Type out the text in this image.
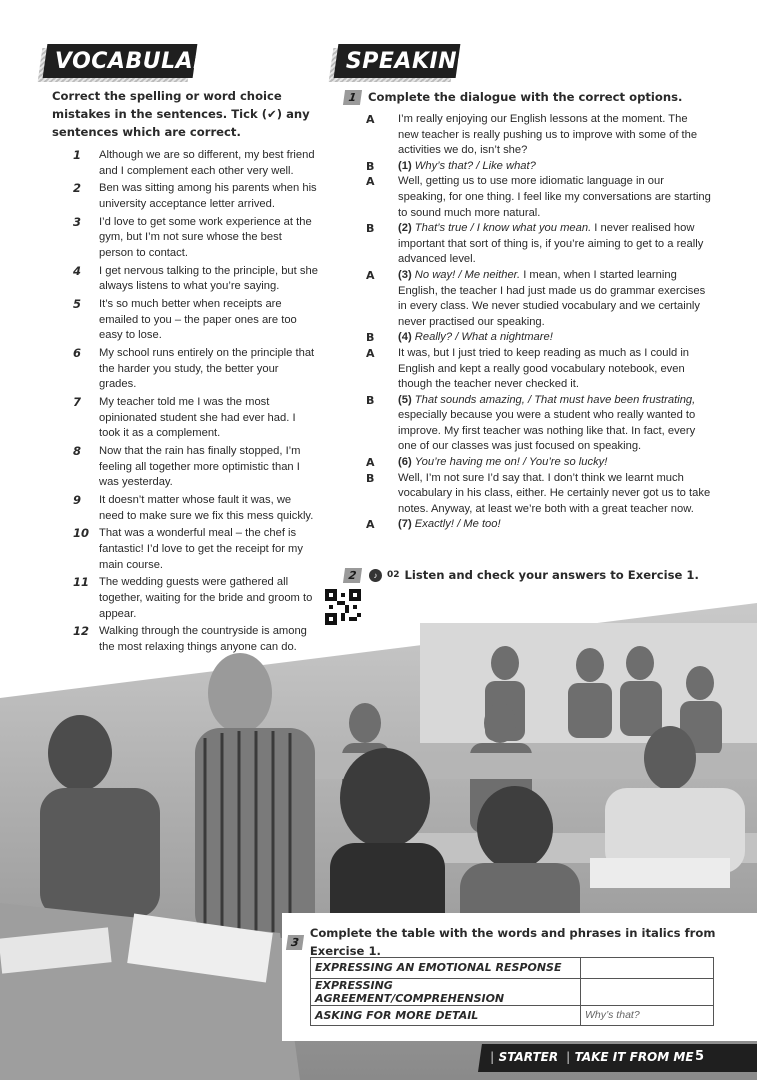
VOCABULARY

Correct the spelling or word choice mistakes in the sentences. Tick (✔) any sentences which are correct.

1	Although we are so different, my best friend and I complement each other very well.
2	Ben was sitting among his parents when his university acceptance letter arrived.
3	I’d love to get some work experience at the gym, but I’m not sure whose the best person to contact.
4	I get nervous talking to the principle, but she always listens to what you’re saying.
5	It’s so much better when receipts are emailed to you – the paper ones are too easy to lose.
6	My school runs entirely on the principle that the harder you study, the better your grades.
7	My teacher told me I was the most opinionated student she had ever had. I took it as a complement.
8	Now that the rain has finally stopped, I’m feeling all together more optimistic than I was yesterday.
9	It doesn’t matter whose fault it was, we need to make sure we fix this mess quickly.
10 That was a wonderful meal – the chef is fantastic! I’d love to get the receipt for my main course.
11 The wedding guests were gathered all together, waiting for the bride and groom to appear.
12 Walking through the countryside is among the most relaxing things anyone can do.
SPEAKING
1 Complete the dialogue with the correct options.
A	I’m really enjoying our English lessons at the moment. The new teacher is really pushing us to improve with some of the activities we do, isn’t she?
B	(1) Why’s that? / Like what?
A	Well, getting us to use more idiomatic language in our speaking, for one thing. I feel like my conversations are starting to sound much more natural.
B	(2) That’s true / I know what you mean. I never realised how important that sort of thing is, if you’re aiming to get to a really advanced level.
A	(3) No way! / Me neither. I mean, when I started learning English, the teacher I had just made us do grammar exercises in every class. We never studied vocabulary and we certainly never practised our speaking.
B	(4) Really? / What a nightmare!
A	It was, but I just tried to keep reading as much as I could in English and kept a really good vocabulary notebook, even though the teacher never checked it.
B	(5) That sounds amazing, / That must have been frustrating, especially because you were a student who really wanted to improve. My first teacher was nothing like that. In fact, every one of our classes was just focused on speaking.
A	(6) You’re having me on! / You’re so lucky!
B	Well, I’m not sure I’d say that. I don’t think we learnt much vocabulary in his class, either. He certainly never got us to take notes. Anyway, at least we’re both with a great teacher now.
A	(7) Exactly! / Me too!
2	♪	02 Listen and check your answers to Exercise 1.
3
Complete the table with the words and phrases in italics from Exercise 1.
EXPRESSING AN EMOTIONAL RESPONSE	
EXPRESSING AGREEMENT/COMPREHENSION	
ASKING FOR MORE DETAIL	Why’s that?
| STARTER | TAKE IT FROM ME 5
